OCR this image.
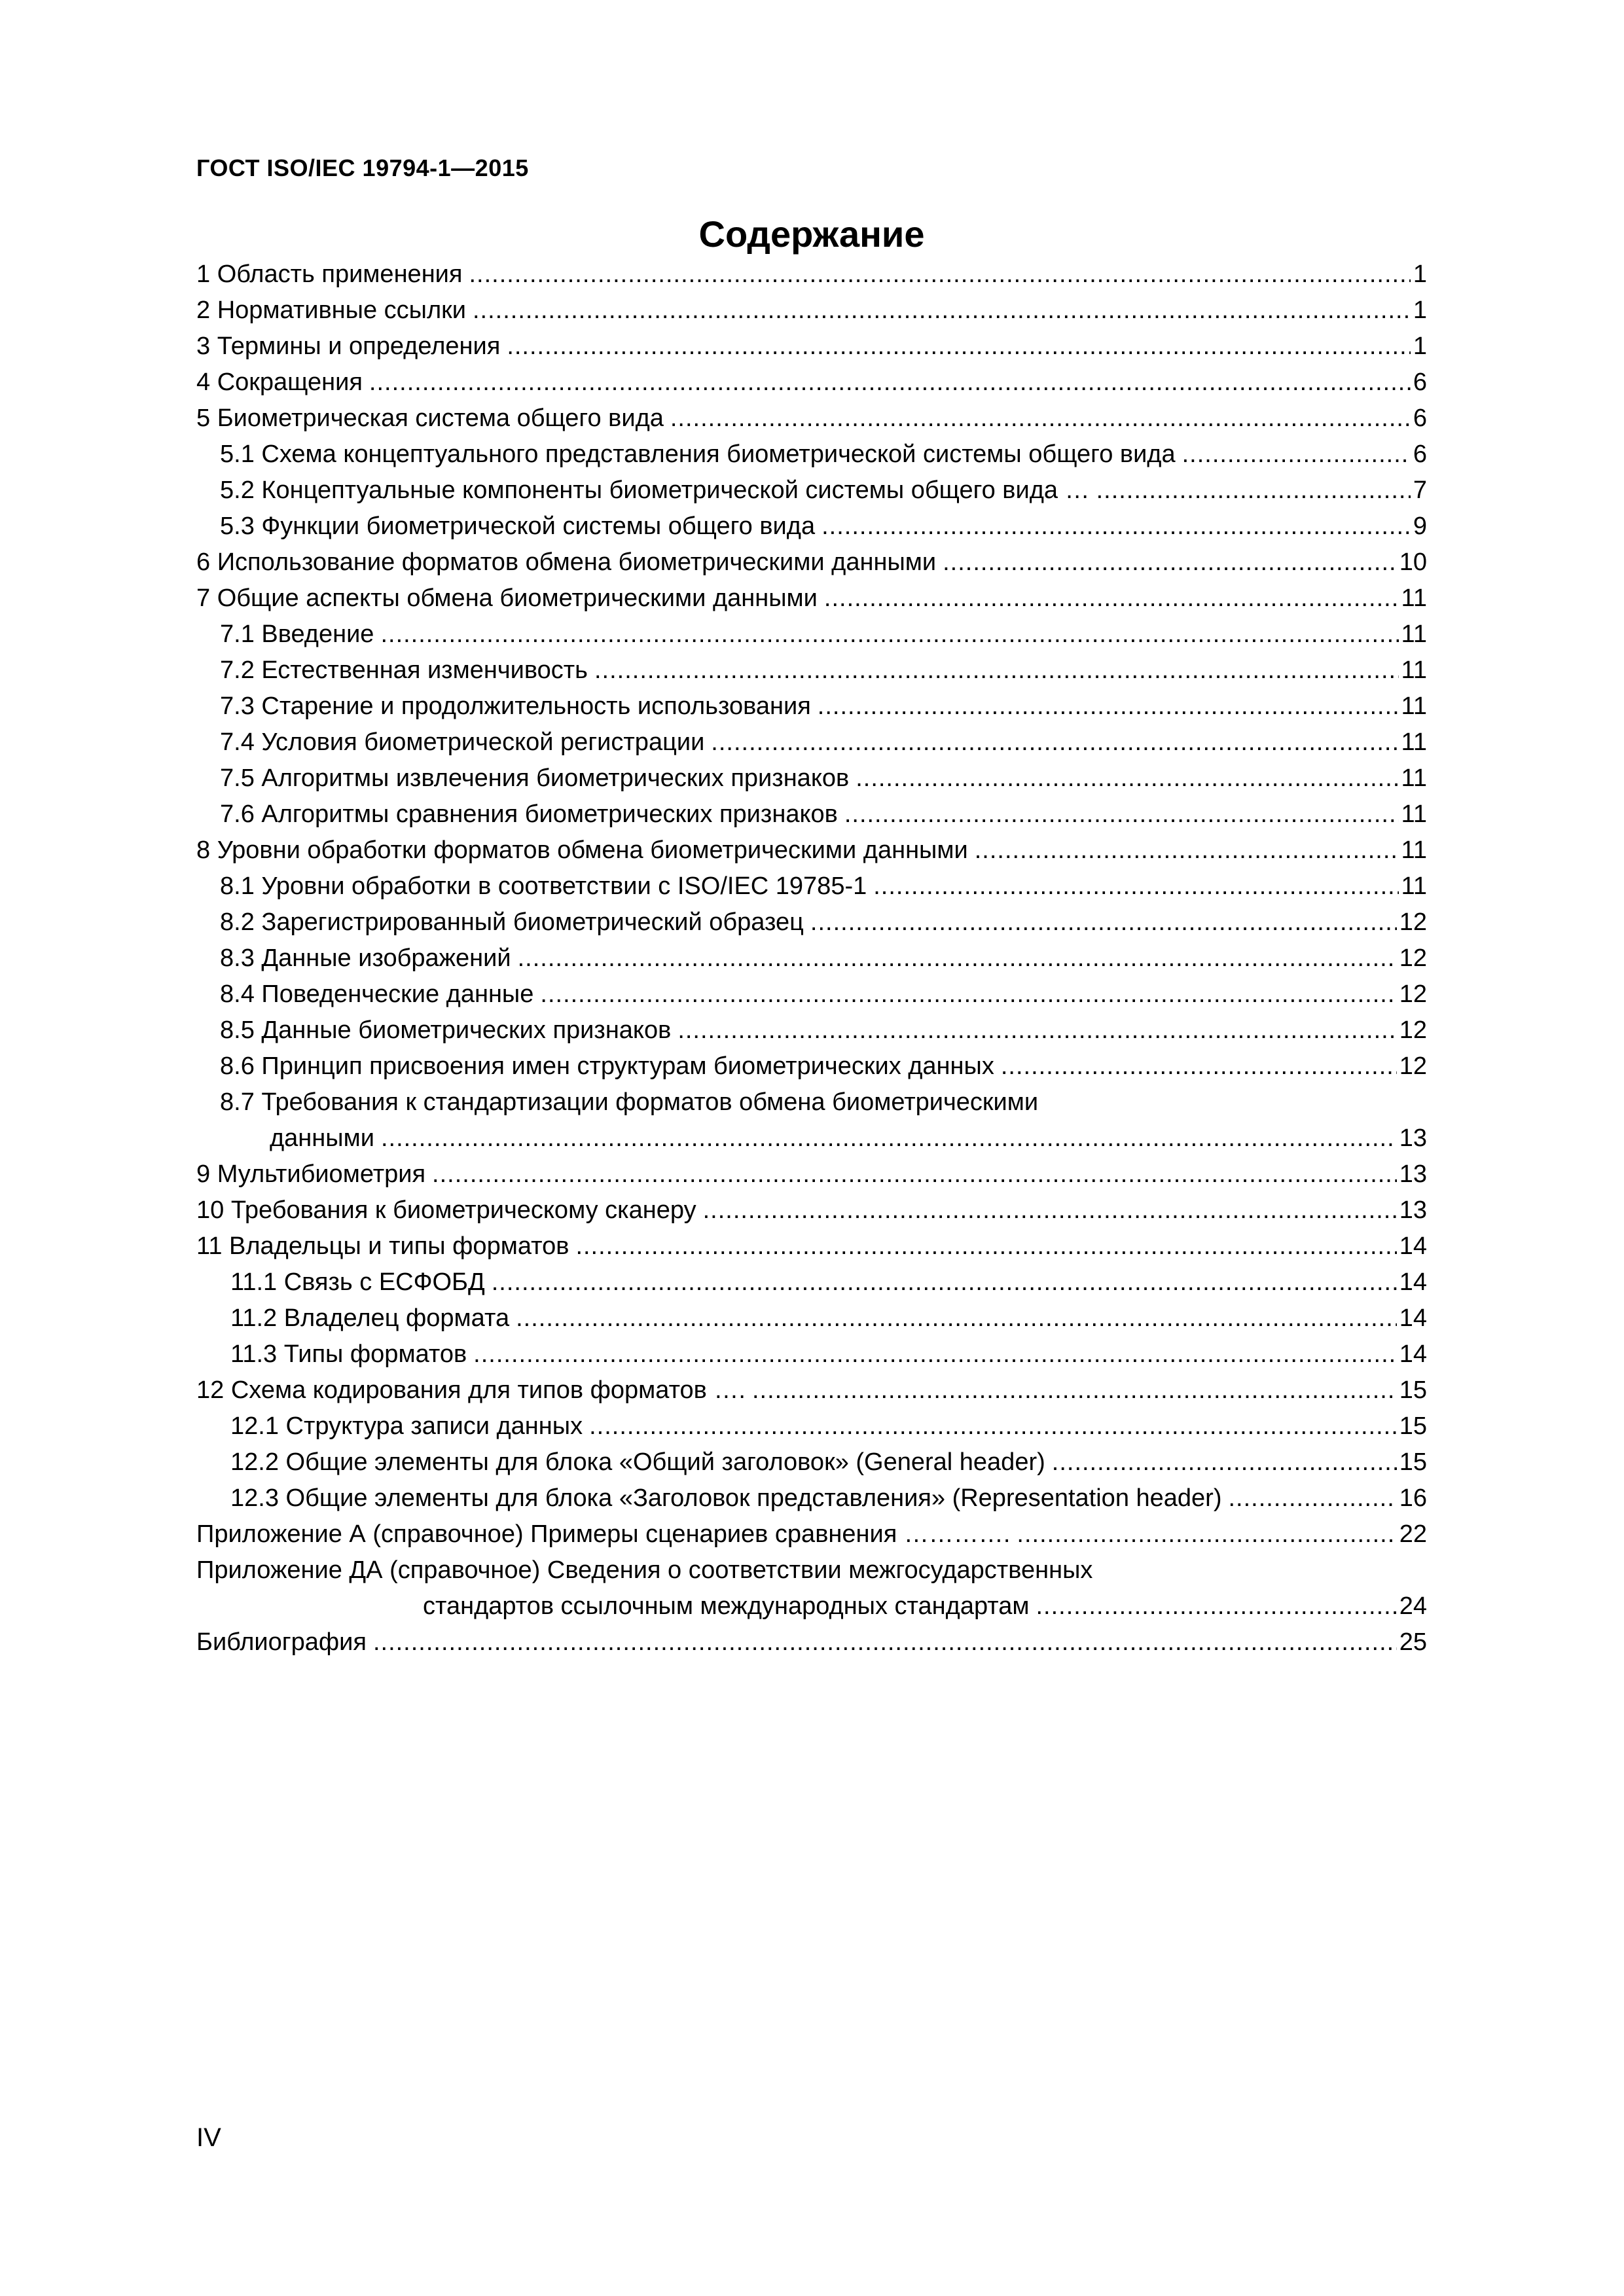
ГОСТ ISO/IEC 19794-1—2015
Содержание
1 Область применения .....	1
2 Нормативные ссылки .....	1
3 Термины и определения .....	1
4 Сокращения .....	6
5 Биометрическая система общего вида .....	6
5.1 Схема концептуального представления биометрической системы общего вида .....	6
5.2 Концептуальные компоненты биометрической системы общего вида … .....	7
5.3 Функции биометрической системы общего вида .....	9
6 Использование форматов обмена биометрическими данными .....	10
7 Общие аспекты обмена биометрическими данными .....	11
7.1 Введение .....	11
7.2 Естественная изменчивость .....	11
7.3 Старение и продолжительность использования .....	11
7.4 Условия биометрической регистрации .....	11
7.5 Алгоритмы извлечения биометрических признаков .....	11
7.6 Алгоритмы сравнения биометрических признаков .....	11
8 Уровни обработки форматов обмена биометрическими данными .....	11
8.1 Уровни обработки в соответствии с ISO/IEC 19785-1 .....	11
8.2 Зарегистрированный биометрический образец .....	12
8.3 Данные изображений .....	12
8.4 Поведенческие данные .....	12
8.5 Данные биометрических признаков .....	12
8.6 Принцип присвоения имен структурам биометрических данных .....	12
8.7 Требования к стандартизации форматов обмена биометрическими
данными .....	13
9 Мультибиометрия .....	13
10 Требования к биометрическому сканеру .....	13
11 Владельцы и типы форматов .....	14
11.1 Связь с ЕСФОБД .....	14
11.2 Владелец формата .....	14
11.3 Типы форматов .....	14
12 Схема кодирования для типов форматов …. .....	15
12.1 Структура записи данных .....	15
12.2 Общие элементы для блока «Общий заголовок» (General header) .....	15
12.3 Общие элементы для блока «Заголовок представления» (Representation header) .....	16
Приложение А (справочное) Примеры сценариев сравнения …………. .....	22
Приложение ДА (справочное) Сведения о соответствии межгосударственных
стандартов ссылочным международных стандартам .....	24
Библиография .....	25
IV
